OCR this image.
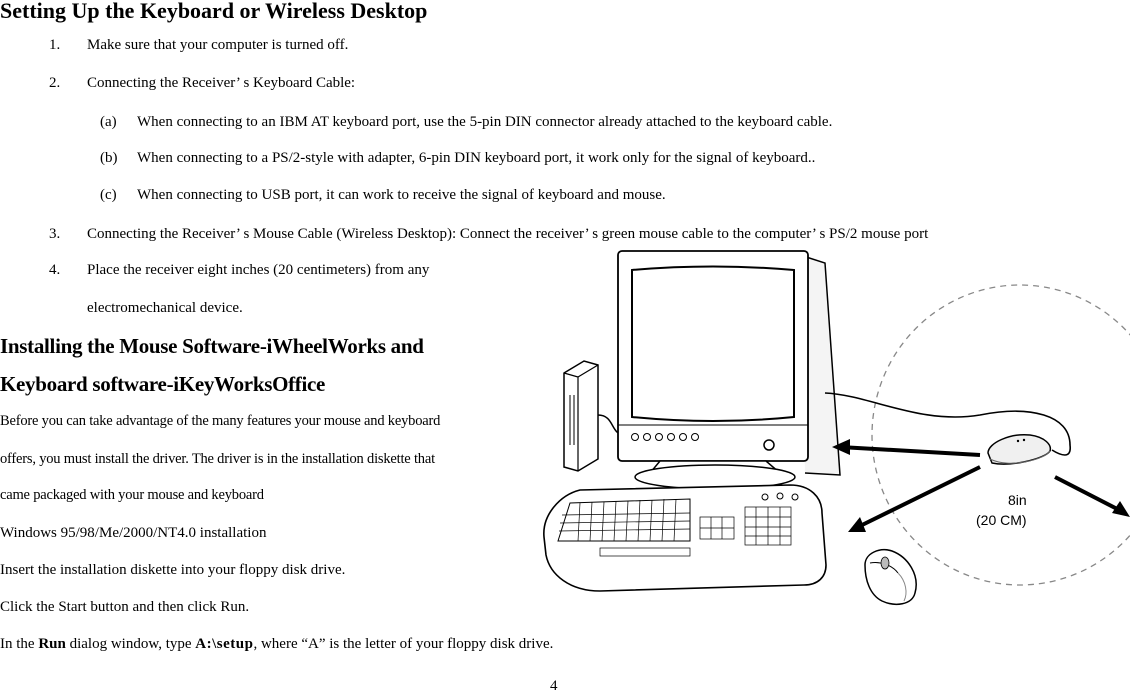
Setting Up the Keyboard or Wireless Desktop
1. Make sure that your computer is turned off.
2. Connecting the Receiver’ s Keyboard Cable:
(a) When connecting to an IBM AT keyboard port, use the 5-pin DIN connector already attached to the keyboard cable.
(b) When connecting to a PS/2-style with adapter, 6-pin DIN keyboard port, it work only for the signal of keyboard..
(c) When connecting to USB port, it can work to receive the signal of keyboard and mouse.
3. Connecting the Receiver’ s Mouse Cable (Wireless Desktop): Connect the receiver’ s green mouse cable to the computer’ s PS/2 mouse port
4. Place the receiver eight inches (20 centimeters) from any
electromechanical device.
Installing the Mouse Software-iWheelWorks and
Keyboard software-iKeyWorksOffice
Before you can take advantage of the many features your mouse and keyboard
offers, you must install the driver. The driver is in the installation diskette that
came packaged with your mouse and keyboard
Windows 95/98/Me/2000/NT4.0 installation
Insert the installation diskette into your floppy disk drive.
Click the Start button and then click Run.
In the Run dialog window, type A:\setup, where “A” is the letter of your floppy disk drive.
8in
(20 CM)
4
